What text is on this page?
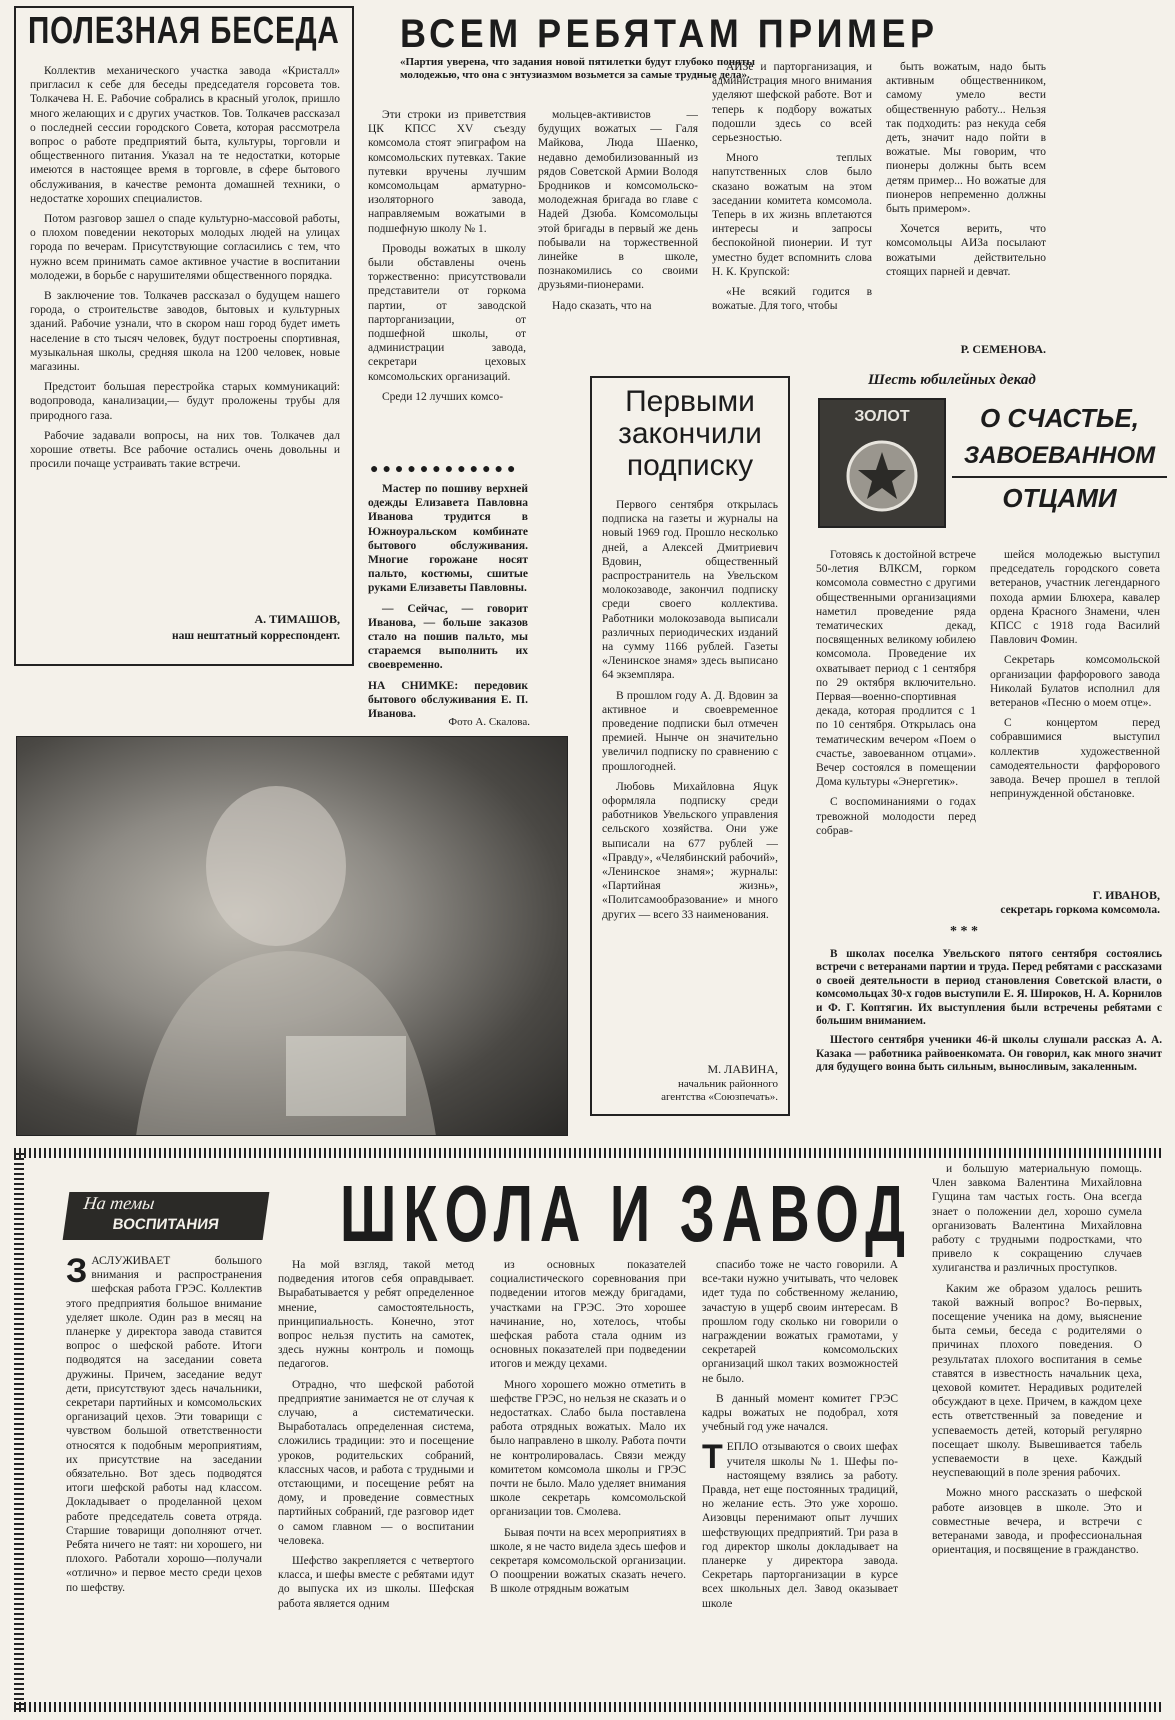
ПОЛЕЗНАЯ БЕСЕДА

Коллектив механического участка завода «Кристалл» пригласил к себе для беседы председателя горсовета тов. Толкачева Н. Е. Рабочие собрались в красный уголок, пришло много желающих и с других участков. Тов. Толкачев рассказал о последней сессии городского Совета, которая рассмотрела вопрос о работе предприятий быта, культуры, торговли и общественного питания. Указал на те недостатки, которые имеются в настоящее время в торговле, в сфере бытового обслуживания, в качестве ремонта домашней техники, о недостатке хороших специалистов.

Потом разговор зашел о спаде культурно-массовой работы, о плохом поведении некоторых молодых людей на улицах города по вечерам. Присутствующие согласились с тем, что нужно всем принимать самое активное участие в воспитании молодежи, в борьбе с нарушителями общественного порядка.

В заключение тов. Толкачев рассказал о будущем нашего города, о строительстве заводов, бытовых и культурных зданий. Рабочие узнали, что в скором наш город будет иметь население в сто тысяч человек, будут построены спортивная, музыкальная школы, средняя школа на 1200 человек, новые магазины.

Предстоит большая перестройка старых коммуникаций: водопровода, канализации,— будут проложены трубы для природного газа.

Рабочие задавали вопросы, на них тов. Толкачев дал хорошие ответы. Все рабочие остались очень довольны и просили почаще устраивать такие встречи.

А. ТИМАШОВ,
наш нештатный корреспондент.
ВСЕМ РЕБЯТАМ ПРИМЕР
«Партия уверена, что задания новой пятилетки будут глубоко поняты молодежью, что она с энтузиазмом возьмется за самые трудные дела».

Эти строки из приветствия ЦК КПСС XV съезду комсомола стоят эпиграфом на комсомольских путевках. Такие путевки вручены лучшим комсомольцам арматурно-изоляторного завода, направляемым вожатыми в подшефную школу № 1.

Проводы вожатых в школу были обставлены очень торжественно: присутствовали представители от горкома партии, от заводской парторганизации, от подшефной школы, от администрации завода, секретари цеховых комсомольских организаций.

Среди 12 лучших комсо-

мольцев-активистов — будущих вожатых — Галя Майкова, Люда Шаенко, недавно демобилизованный из рядов Советской Армии Володя Бродников и комсомольско-молодежная бригада во главе с Надей Дзюба. Комсомольцы этой бригады в первый же день побывали на торжественной линейке в школе, познакомились со своими друзьями-пионерами.

Надо сказать, что на

АИЗе и парторганизация, и администрация много внимания уделяют шефской работе. Вот и теперь к подбору вожатых подошли здесь со всей серьезностью.

Много теплых напутственных слов было сказано вожатым на этом заседании комитета комсомола. Теперь в их жизнь вплетаются интересы и запросы беспокойной пионерии. И тут уместно будет вспомнить слова Н. К. Крупской:

«Не всякий годится в вожатые. Для того, чтобы

быть вожатым, надо быть активным общественником, самому умело вести общественную работу... Нельзя так подходить: раз некуда себя деть, значит надо пойти в вожатые. Мы говорим, что пионеры должны быть всем детям пример... Но вожатые для пионеров непременно должны быть примером».

Хочется верить, что комсомольцы АИЗа посылают вожатыми действительно стоящих парней и девчат.

Р. СЕМЕНОВА.
●●●●●●●●●●●●

Мастер по пошиву верхней одежды Елизавета Павловна Иванова трудится в Южноуральском комбинате бытового обслуживания. Многие горожане носят пальто, костюмы, сшитые руками Елизаветы Павловны.

— Сейчас, — говорит Иванова, — больше заказов стало на пошив пальто, мы стараемся выполнить их своевременно.

НА СНИМКЕ: передовик бытового обслуживания Е. П. Иванова.

Фото А. Скалова.
Первыми
закончили
подписку

Первого сентября открылась подписка на газеты и журналы на новый 1969 год. Прошло несколько дней, а Алексей Дмитриевич Вдовин, общественный распространитель на Увельском молокозаводе, закончил подписку среди своего коллектива. Работники молокозавода выписали различных периодических изданий на сумму 1166 рублей. Газеты «Ленинское знамя» здесь выписано 64 экземпляра.

В прошлом году А. Д. Вдовин за активное и своевременное проведение подписки был отмечен премией. Нынче он значительно увеличил подписку по сравнению с прошлогодней.

Любовь Михайловна Яцук оформляла подписку среди работников Увельского управления сельского хозяйства. Они уже выписали на 677 рублей — «Правду», «Челябинский рабочий», «Ленинское знамя»; журналы: «Партийная жизнь», «Политсамообразование» и много других — всего 33 наименования.

М. ЛАВИНА,
начальник районного агентства «Союзпечать».
Шесть юбилейных декад
ЗОЛОТ	О СЧАСТЬЕ,
ЗАВОЕВАННОМ
ОТЦАМИ

Готовясь к достойной встрече 50-летия ВЛКСМ, горком комсомола совместно с другими общественными организациями наметил проведение ряда тематических декад, посвященных великому юбилею комсомола. Проведение их охватывает период с 1 сентября по 29 октября включительно. Первая—военно-спортивная декада, которая продлится с 1 по 10 сентября. Открылась она тематическим вечером «Поем о счастье, завоеванном отцами». Вечер состоялся в помещении Дома культуры «Энергетик».

С воспоминаниями о годах тревожной молодости перед собрав-

шейся молодежью выступил председатель городского совета ветеранов, участник легендарного похода армии Блюхера, кавалер ордена Красного Знамени, член КПСС с 1918 года Василий Павлович Фомин.

Секретарь комсомольской организации фарфорового завода Николай Булатов исполнил для ветеранов «Песню о моем отце».

С концертом перед собравшимися выступил коллектив художественной самодеятельности фарфорового завода. Вечер прошел в теплой непринужденной обстановке.

Г. ИВАНОВ,
секретарь горкома комсомола.
* * *

В школах поселка Увельского пятого сентября состоялись встречи с ветеранами партии и труда. Перед ребятами с рассказами о своей деятельности в период становления Советской власти, о комсомольцах 30-х годов выступили Е. Я. Широков, Н. А. Корнилов и Ф. Г. Коптягин. Их выступления были встречены ребятами с большим вниманием.

Шестого сентября ученики 46-й школы слушали рассказ А. А. Казака — работника райвоенкомата. Он говорил, как много значит для будущего воина быть сильным, выносливым, закаленным.

На темы
ВОСПИТАНИЯ	ШКОЛА И ЗАВОД

З АСЛУЖИВАЕТ большого внимания и распространения шефская работа ГРЭС. Коллектив этого предприятия большое внимание уделяет школе. Один раз в месяц на планерке у директора завода ставится вопрос о шефской работе. Итоги подводятся на заседании совета дружины. Причем, заседание ведут дети, присутствуют здесь начальники, секретари партийных и комсомольских организаций цехов. Эти товарищи с чувством большой ответственности относятся к подобным мероприятиям, их присутствие на заседании обязательно. Вот здесь подводятся итоги шефской работы над классом. Докладывает о проделанной цехом работе председатель совета отряда. Старшие товарищи дополняют отчет. Ребята ничего не таят: ни хорошего, ни плохого. Работали хорошо—получали «отлично» и первое место среди цехов по шефству.

На мой взгляд, такой метод подведения итогов себя оправдывает. Вырабатывается у ребят определенное мнение, самостоятельность, принципиальность. Конечно, этот вопрос нельзя пустить на самотек, здесь нужны контроль и помощь педагогов.

Отрадно, что шефской работой предприятие занимается не от случая к случаю, а систематически. Выработалась определенная система, сложились традиции: это и посещение уроков, родительских собраний, классных часов, и работа с трудными и отстающими, и посещение ребят на дому, и проведение совместных партийных собраний, где разговор идет о самом главном — о воспитании человека.

Шефство закрепляется с четвертого класса, и шефы вместе с ребятами идут до выпуска их из школы. Шефская работа является одним

из основных показателей социалистического соревнования при подведении итогов между бригадами, участками на ГРЭС. Это хорошее начинание, но, хотелось, чтобы шефская работа стала одним из основных показателей при подведении итогов и между цехами.

Много хорошего можно отметить в шефстве ГРЭС, но нельзя не сказать и о недостатках. Слабо была поставлена работа отрядных вожатых. Мало их было направлено в школу. Работа почти не контролировалась. Связи между комитетом комсомола школы и ГРЭС почти не было. Мало уделяет внимания школе секретарь комсомольской организации тов. Смолева.

Бывая почти на всех мероприятиях в школе, я не часто видела здесь шефов и секретаря комсомольской организации. О поощрении вожатых сказать нечего. В школе отрядным вожатым

спасибо тоже не часто говорили. А все-таки нужно учитывать, что человек идет туда по собственному желанию, зачастую в ущерб своим интересам. В прошлом году сколько ни говорили о награждении вожатых грамотами, у секретарей комсомольских организаций школ таких возможностей не было.

В данный момент комитет ГРЭС кадры вожатых не подобрал, хотя учебный год уже начался.

Т ЕПЛО отзываются о своих шефах учителя школы № 1. Шефы по-настоящему взялись за работу. Правда, нет еще постоянных традиций, но желание есть. Это уже хорошо. Аизовцы перенимают опыт лучших шефствующих предприятий. Три раза в год директор школы докладывает на планерке у директора завода. Секретарь парторганизации в курсе всех школьных дел. Завод оказывает школе

и большую материальную помощь. Член завкома Валентина Михайловна Гущина там частых гость. Она всегда знает о положении дел, хорошо сумела организовать Валентина Михайловна работу с трудными подростками, что привело к сокращению случаев хулиганства и различных проступков.

Каким же образом удалось решить такой важный вопрос? Во-первых, посещение ученика на дому, выяснение быта семьи, беседа с родителями о причинах плохого поведения. О результатах плохого воспитания в семье ставятся в известность начальник цеха, цеховой комитет. Нерадивых родителей обсуждают в цехе. Причем, в каждом цехе есть ответственный за поведение и успеваемость детей, который регулярно посещает школу. Вывешивается табель успеваемости в цехе. Каждый неуспевающий в поле зрения рабочих.

Можно много рассказать о шефской работе аизовцев в школе. Это и совместные вечера, и встречи с ветеранами завода, и профессиональная ориентация, и посвящение в гражданство.
